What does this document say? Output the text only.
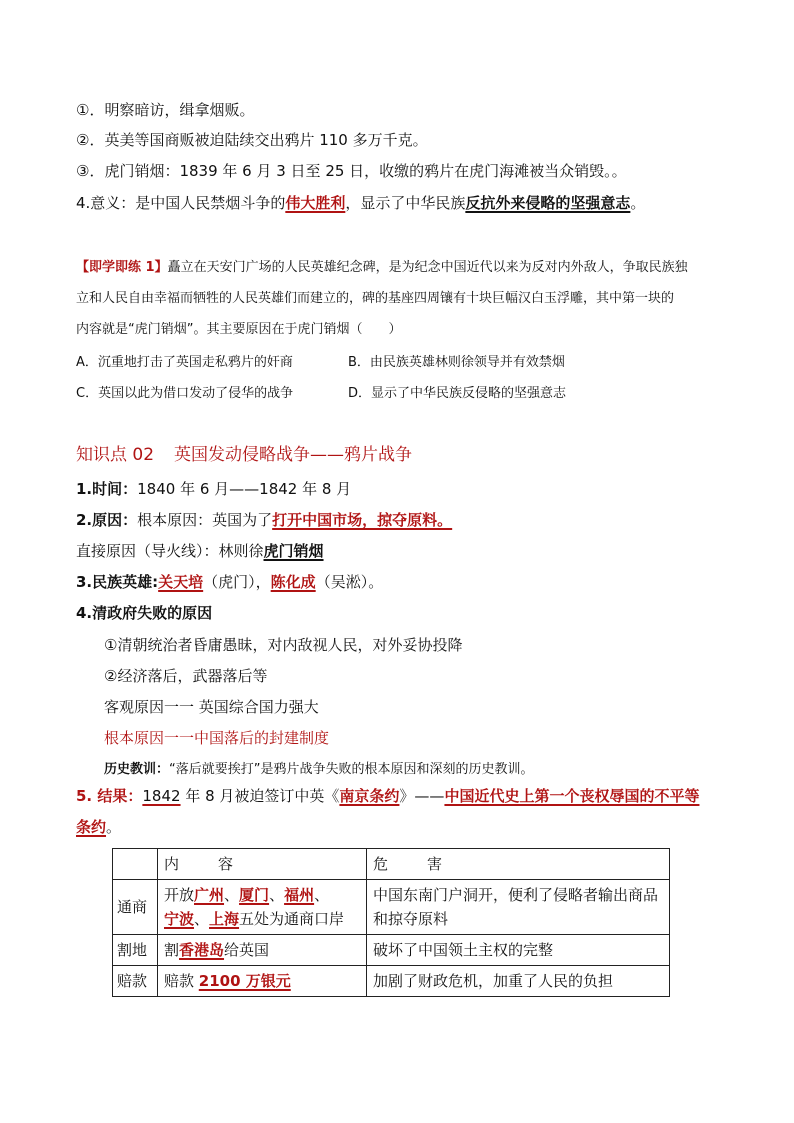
①．明察暗访，缉拿烟贩。
②．英美等国商贩被迫陆续交出鸦片 110 多万千克。
③．虎门销烟：1839 年 6 月 3 日至 25 日，收缴的鸦片在虎门海滩被当众销毁。。
4.意义：是中国人民禁烟斗争的伟大胜利，显示了中华民族反抗外来侵略的坚强意志。
【即学即练 1】矗立在天安门广场的人民英雄纪念碑，是为纪念中国近代以来为反对内外敌人，争取民族独
立和人民自由幸福而牺牲的人民英雄们而建立的，碑的基座四周镶有十块巨幅汉白玉浮雕，其中第一块的
内容就是“虎门销烟”。其主要原因在于虎门销烟（　　）
A．沉重地打击了英国走私鸦片的奸商	B．由民族英雄林则徐领导并有效禁烟
C．英国以此为借口发动了侵华的战争	D．显示了中华民族反侵略的坚强意志
知识点 02 英国发动侵略战争——鸦片战争
1.时间：1840 年 6 月——1842 年 8 月
2.原因：根本原因：英国为了打开中国市场，掠夺原料。
直接原因（导火线）：林则徐虎门销烟
3.民族英雄:关天培（虎门），陈化成（吴淞）。
4.清政府失败的原因
①清朝统治者昏庸愚昧，对内敌视人民，对外妥协投降
②经济落后，武器落后等
客观原因一一 英国综合国力强大
根本原因一一中国落后的封建制度
历史教训：“落后就要挨打”是鸦片战争失败的根本原因和深刻的历史教训。
5. 结果：1842 年 8 月被迫签订中英《南京条约》——中国近代史上第一个丧权辱国的不平等
条约。
	内　容	危　害
通商	开放广州、厦门、福州、
宁波、上海五处为通商口岸	中国东南门户洞开，便利了侵略者输出商品和掠夺原料
割地	割香港岛给英国	破坏了中国领土主权的完整
赔款	赔款 2100 万银元	加剧了财政危机，加重了人民的负担
